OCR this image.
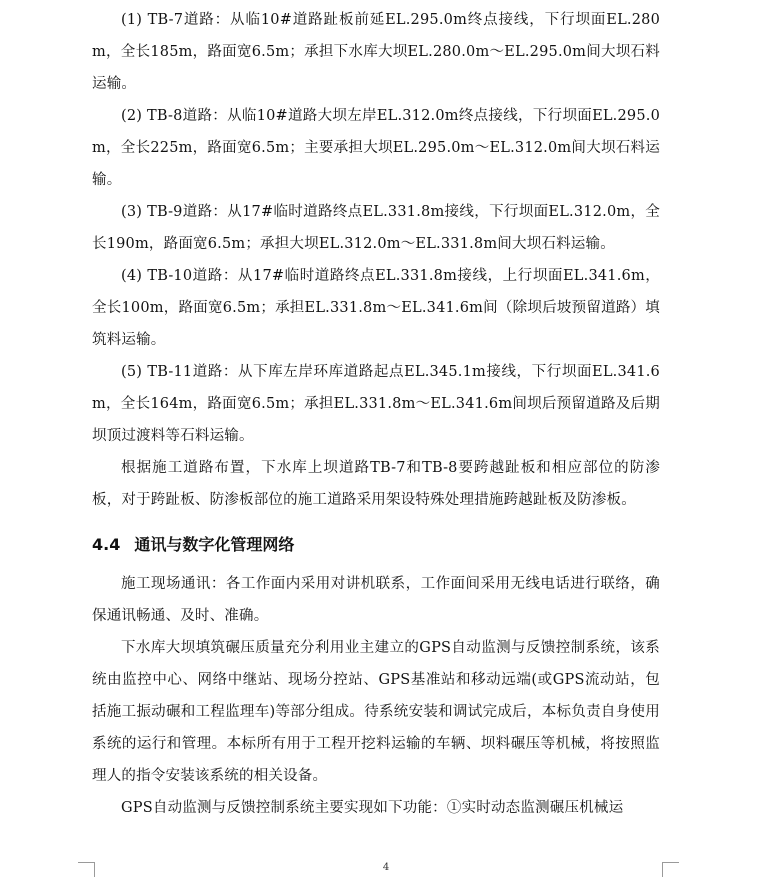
(1) TB-7道路：从临10#道路趾板前延EL.295.0m终点接线，下行坝面EL.280m，全长185m，路面宽6.5m；承担下水库大坝EL.280.0m～EL.295.0m间大坝石料运输。

(2) TB-8道路：从临10#道路大坝左岸EL.312.0m终点接线，下行坝面EL.295.0m，全长225m，路面宽6.5m；主要承担大坝EL.295.0m～EL.312.0m间大坝石料运输。

(3) TB-9道路：从17#临时道路终点EL.331.8m接线，下行坝面EL.312.0m，全长190m，路面宽6.5m；承担大坝EL.312.0m～EL.331.8m间大坝石料运输。

(4) TB-10道路：从17#临时道路终点EL.331.8m接线，上行坝面EL.341.6m，全长100m，路面宽6.5m；承担EL.331.8m～EL.341.6m间（除坝后坡预留道路）填筑料运输。

(5) TB-11道路：从下库左岸环库道路起点EL.345.1m接线，下行坝面EL.341.6m，全长164m，路面宽6.5m；承担EL.331.8m～EL.341.6m间坝后预留道路及后期坝顶过渡料等石料运输。

根据施工道路布置，下水库上坝道路TB-7和TB-8要跨越趾板和相应部位的防渗板，对于跨趾板、防渗板部位的施工道路采用架设特殊处理措施跨越趾板及防渗板。

4.4 通讯与数字化管理网络

施工现场通讯：各工作面内采用对讲机联系，工作面间采用无线电话进行联络，确保通讯畅通、及时、准确。

下水库大坝填筑碾压质量充分利用业主建立的GPS自动监测与反馈控制系统，该系统由监控中心、网络中继站、现场分控站、GPS基准站和移动远端(或GPS流动站，包括施工振动碾和工程监理车)等部分组成。待系统安装和调试完成后，本标负责自身使用系统的运行和管理。本标所有用于工程开挖料运输的车辆、坝料碾压等机械，将按照监理人的指令安装该系统的相关设备。

GPS自动监测与反馈控制系统主要实现如下功能：①实时动态监测碾压机械运

4
